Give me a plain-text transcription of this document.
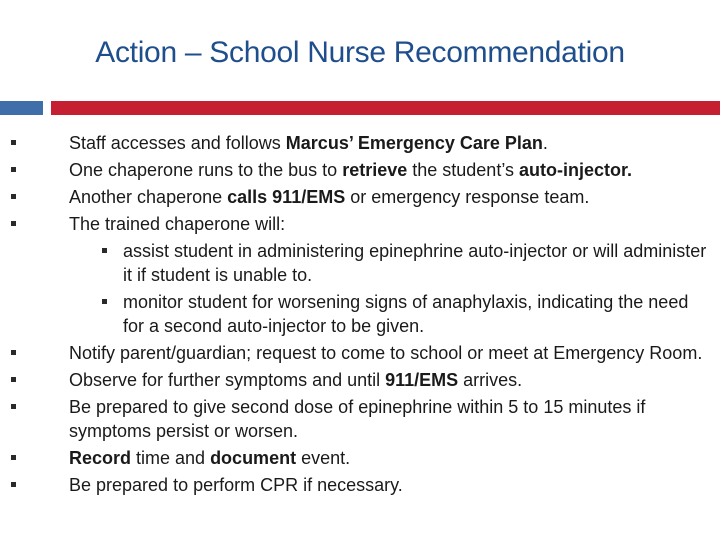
Action – School Nurse Recommendation
Staff accesses and follows Marcus’ Emergency Care Plan.
One chaperone runs to the bus to retrieve the student’s auto-injector.
Another chaperone calls 911/EMS or emergency response team.
The trained chaperone will:
assist student in administering epinephrine auto-injector or will administer it if student is unable to.
monitor student for worsening signs of anaphylaxis, indicating the need for a second auto-injector to be given.
Notify parent/guardian; request to come to school or meet at Emergency Room.
Observe for further symptoms and until 911/EMS arrives.
Be prepared to give second dose of epinephrine within 5 to 15 minutes if symptoms persist or worsen.
Record time and document event.
Be prepared to perform CPR if necessary.
